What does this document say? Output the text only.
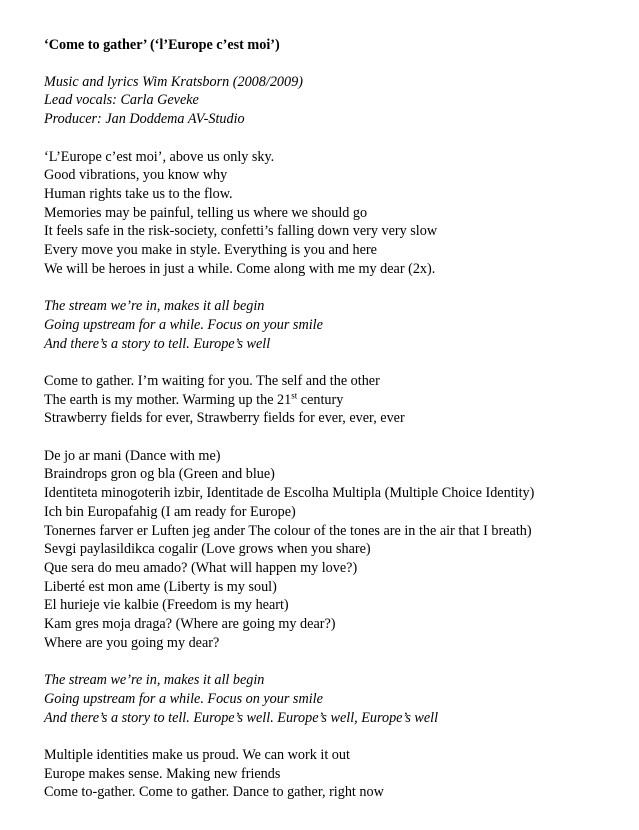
‘Come to gather’ (‘l’Europe c’est moi’)
Music and lyrics Wim Kratsborn (2008/2009)
Lead vocals: Carla Geveke
Producer: Jan Doddema AV-Studio
‘L’Europe c’est moi’, above us only sky.
Good vibrations, you know why
Human rights take us to the flow.
Memories may be painful, telling us where we should go
It feels safe in the risk-society, confetti’s falling down very very slow
Every move you make in style. Everything is you and here
We will be heroes in just a while. Come along with me my dear (2x).
The stream we’re in, makes it all begin
Going upstream for a while. Focus on your smile
And there’s a story to tell. Europe’s well
Come to gather. I’m waiting for you. The self and the other
The earth is my mother. Warming up the 21st century
Strawberry fields for ever, Strawberry fields for ever, ever, ever
De jo ar mani (Dance with me)
Braindrops gron og bla (Green and blue)
Identiteta minogoterih izbir, Identitade de Escolha Multipla (Multiple Choice Identity)
Ich bin Europafahig (I am ready for Europe)
Tonernes farver er Luften jeg ander The colour of the tones are in the air that I breath)
Sevgi paylasildikca cogalir (Love grows when you share)
Que sera do meu amado? (What will happen my love?)
Liberté est mon ame (Liberty is my soul)
El hurieje vie kalbie (Freedom is my heart)
Kam gres moja draga? (Where are going my dear?)
Where are you going my dear?
The stream we’re in, makes it all begin
Going upstream for a while. Focus on your smile
And there’s a story to tell. Europe’s well. Europe’s well, Europe’s well
Multiple identities make us proud. We can work it out
Europe makes sense. Making new friends
Come to-gather. Come to gather. Dance to gather, right now
